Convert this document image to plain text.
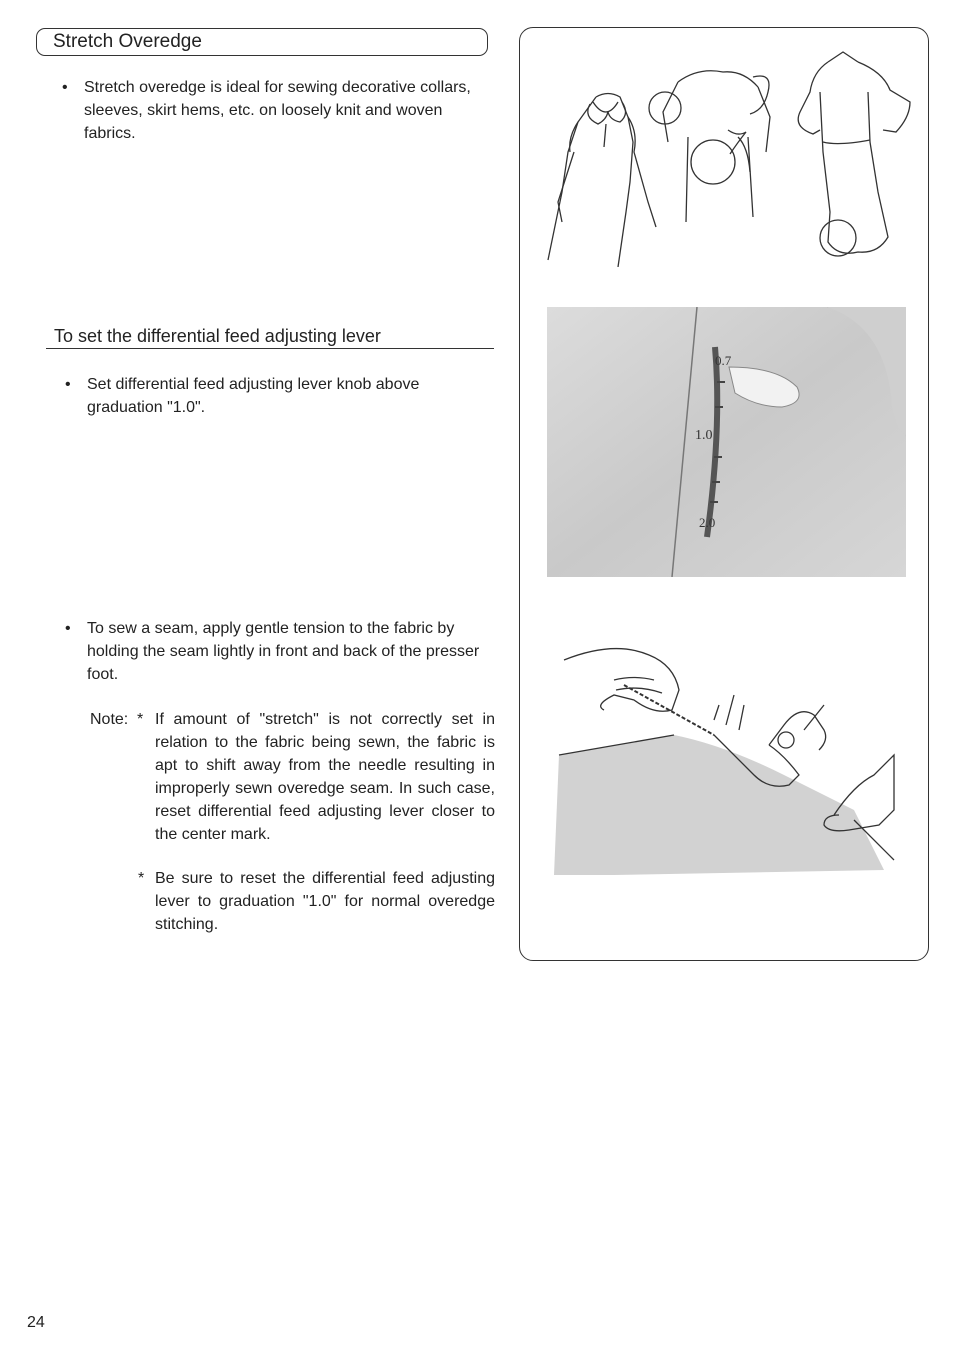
Stretch Overedge
• Stretch overedge is ideal for sewing decorative collars, sleeves, skirt hems, etc. on loosely knit and woven fabrics.
To set the differential feed adjusting lever
• Set differential feed adjusting lever knob above graduation "1.0".
• To sew a seam, apply gentle tension to the fabric by holding the seam lightly in front and back of the presser foot.
Note: * If amount of "stretch" is not correctly set in relation to the fabric being sewn, the fabric is apt to shift away from the needle resulting in improperly sewn overedge seam. In such case, reset differential feed adjusting lever closer to the center mark.
* Be sure to reset the differential feed adjusting lever to graduation "1.0" for normal overedge stitching.
0.7
1.0
2.0
24
